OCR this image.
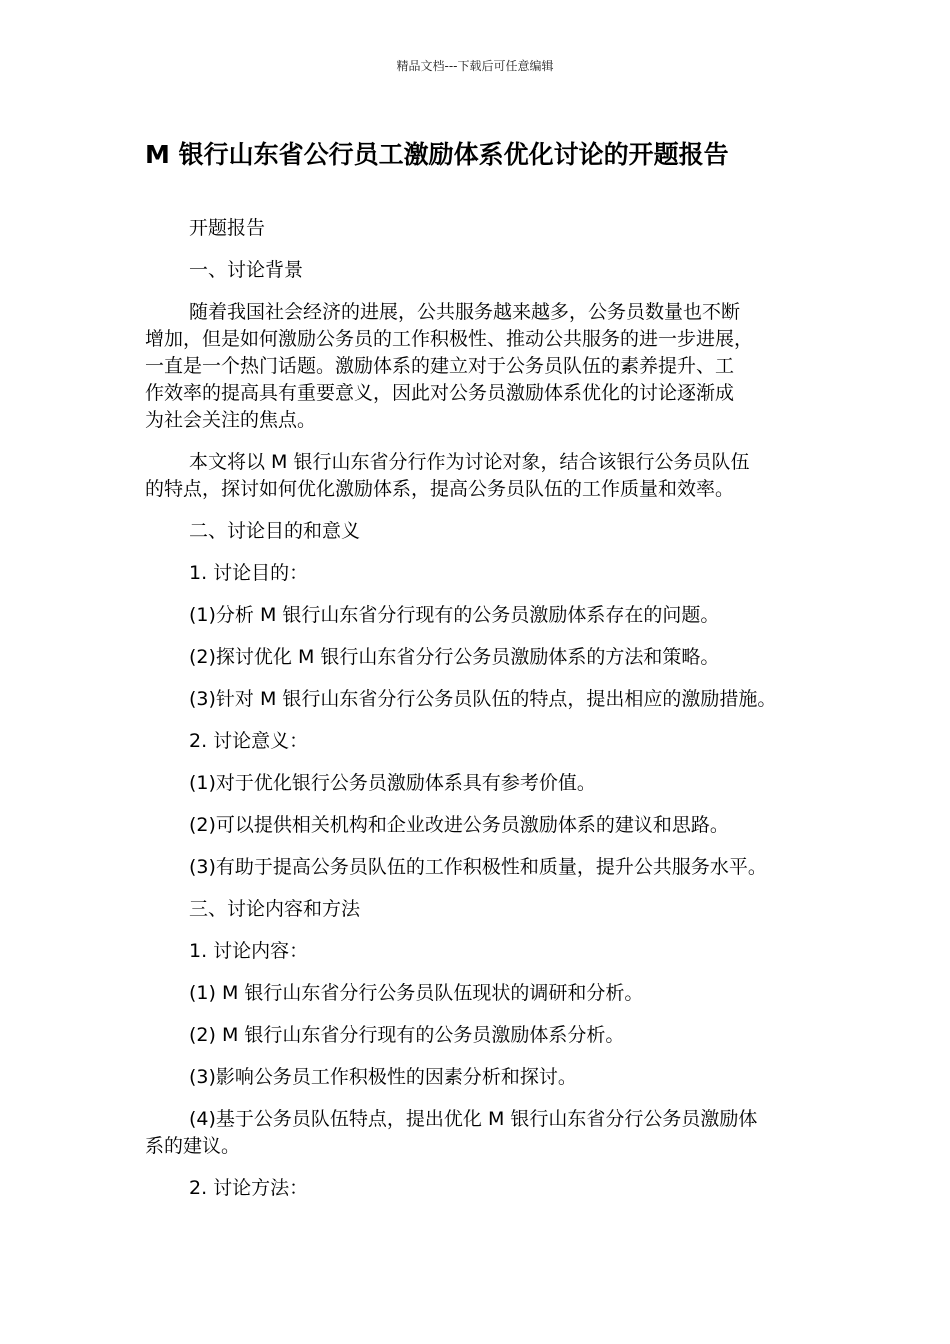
精品文档---下载后可任意编辑
M 银行山东省公行员工激励体系优化讨论的开题报告

开题报告

一、讨论背景

随着我国社会经济的进展，公共服务越来越多，公务员数量也不断
增加，但是如何激励公务员的工作积极性、推动公共服务的进一步进展，
一直是一个热门话题。激励体系的建立对于公务员队伍的素养提升、工
作效率的提高具有重要意义，因此对公务员激励体系优化的讨论逐渐成
为社会关注的焦点。

本文将以 M 银行山东省分行作为讨论对象，结合该银行公务员队伍
的特点，探讨如何优化激励体系，提高公务员队伍的工作质量和效率。

二、讨论目的和意义

1. 讨论目的：

(1)分析 M 银行山东省分行现有的公务员激励体系存在的问题。

(2)探讨优化 M 银行山东省分行公务员激励体系的方法和策略。

(3)针对 M 银行山东省分行公务员队伍的特点，提出相应的激励措施。

2. 讨论意义：

(1)对于优化银行公务员激励体系具有参考价值。

(2)可以提供相关机构和企业改进公务员激励体系的建议和思路。

(3)有助于提高公务员队伍的工作积极性和质量，提升公共服务水平。

三、讨论内容和方法

1. 讨论内容：

(1) M 银行山东省分行公务员队伍现状的调研和分析。

(2) M 银行山东省分行现有的公务员激励体系分析。

(3)影响公务员工作积极性的因素分析和探讨。

(4)基于公务员队伍特点，提出优化 M 银行山东省分行公务员激励体
系的建议。

2. 讨论方法：
